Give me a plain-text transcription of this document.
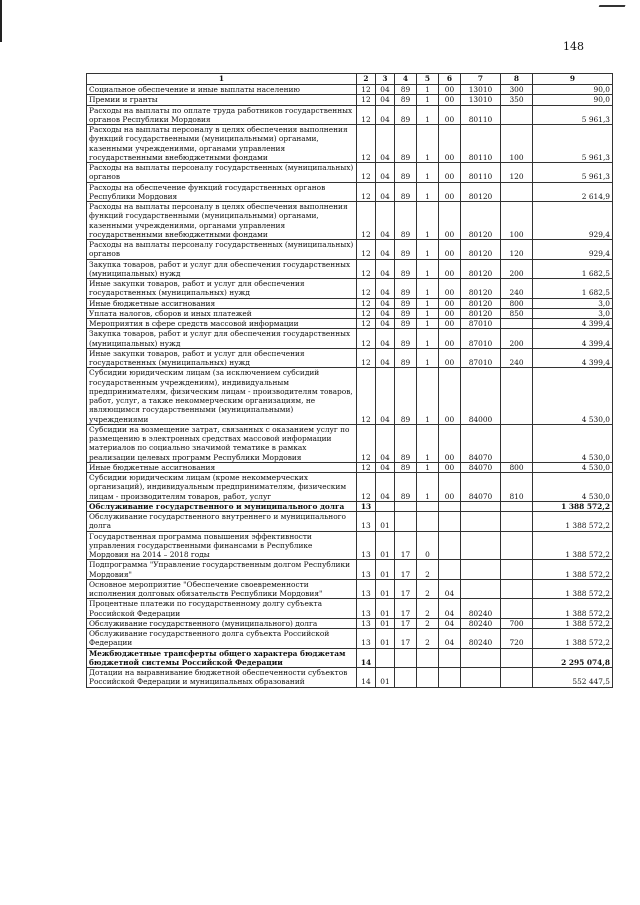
148
1	2	3	4	5	6	7	8	9
Социальное обеспечение и иные выплаты населению	12	04	89	1	00	13010	300	90,0
Премии и гранты	12	04	89	1	00	13010	350	90,0
Расходы на выплаты по оплате труда работников государственных органов Республики Мордовия	12	04	89	1	00	80110		5 961,3
Расходы на выплаты персоналу в целях обеспечения выполнения функций государственными (муниципальными) органами, казенными учреждениями, органами управления государственными внебюджетными фондами	12	04	89	1	00	80110	100	5 961,3
Расходы на выплаты персоналу государственных (муниципальных) органов	12	04	89	1	00	80110	120	5 961,3
Расходы на обеспечение функций государственных органов Республики Мордовия	12	04	89	1	00	80120		2 614,9
Расходы на выплаты персоналу в целях обеспечения выполнения функций государственными (муниципальными) органами, казенными учреждениями, органами управления государственными внебюджетными фондами	12	04	89	1	00	80120	100	929,4
Расходы на выплаты персоналу государственных (муниципальных) органов	12	04	89	1	00	80120	120	929,4
Закупка товаров, работ и услуг для обеспечения государственных (муниципальных) нужд	12	04	89	1	00	80120	200	1 682,5
Иные закупки товаров, работ и услуг для обеспечения государственных (муниципальных) нужд	12	04	89	1	00	80120	240	1 682,5
Иные бюджетные ассигнования	12	04	89	1	00	80120	800	3,0
Уплата налогов, сборов и иных платежей	12	04	89	1	00	80120	850	3,0
Мероприятия в сфере средств массовой информации	12	04	89	1	00	87010		4 399,4
Закупка товаров, работ и услуг для обеспечения государственных (муниципальных) нужд	12	04	89	1	00	87010	200	4 399,4
Иные закупки товаров, работ и услуг для обеспечения государственных (муниципальных) нужд	12	04	89	1	00	87010	240	4 399,4
Субсидии юридическим лицам (за исключением субсидий государственным учреждениям), индивидуальным предпринимателям, физическим лицам - производителям товаров, работ, услуг, а также некоммерческим организациям, не являющимся государственными (муниципальными) учреждениями	12	04	89	1	00	84000		4 530,0
Субсидии на возмещение затрат, связанных с оказанием услуг по размещению в электронных средствах массовой информации материалов по социально значимой тематике в рамках реализации целевых программ Республики Мордовия	12	04	89	1	00	84070		4 530,0
Иные бюджетные ассигнования	12	04	89	1	00	84070	800	4 530,0
Субсидии юридическим лицам (кроме некоммерческих организаций), индивидуальным предпринимателям, физическим лицам - производителям товаров, работ, услуг	12	04	89	1	00	84070	810	4 530,0
Обслуживание государственного и муниципального долга	13							1 388 572,2
Обслуживание государственного внутреннего и муниципального долга	13	01						1 388 572,2
Государственная программа повышения эффективности управления государственными финансами в Республике Мордовия на 2014 – 2018 годы	13	01	17	0				1 388 572,2
Подпрограмма "Управление государственным долгом Республики Мордовия"	13	01	17	2				1 388 572,2
Основное мероприятие "Обеспечение своевременности исполнения долговых обязательств Республики Мордовия"	13	01	17	2	04			1 388 572,2
Процентные платежи по государственному долгу субъекта Российской Федерации	13	01	17	2	04	80240		1 388 572,2
Обслуживание государственного (муниципального) долга	13	01	17	2	04	80240	700	1 388 572,2
Обслуживание государственного долга субъекта Российской Федерации	13	01	17	2	04	80240	720	1 388 572,2
Межбюджетные трансферты общего характера бюджетам бюджетной системы Российской Федерации	14							2 295 074,8
Дотации на выравнивание бюджетной обеспеченности субъектов Российской Федерации и муниципальных образований	14	01						552 447,5
